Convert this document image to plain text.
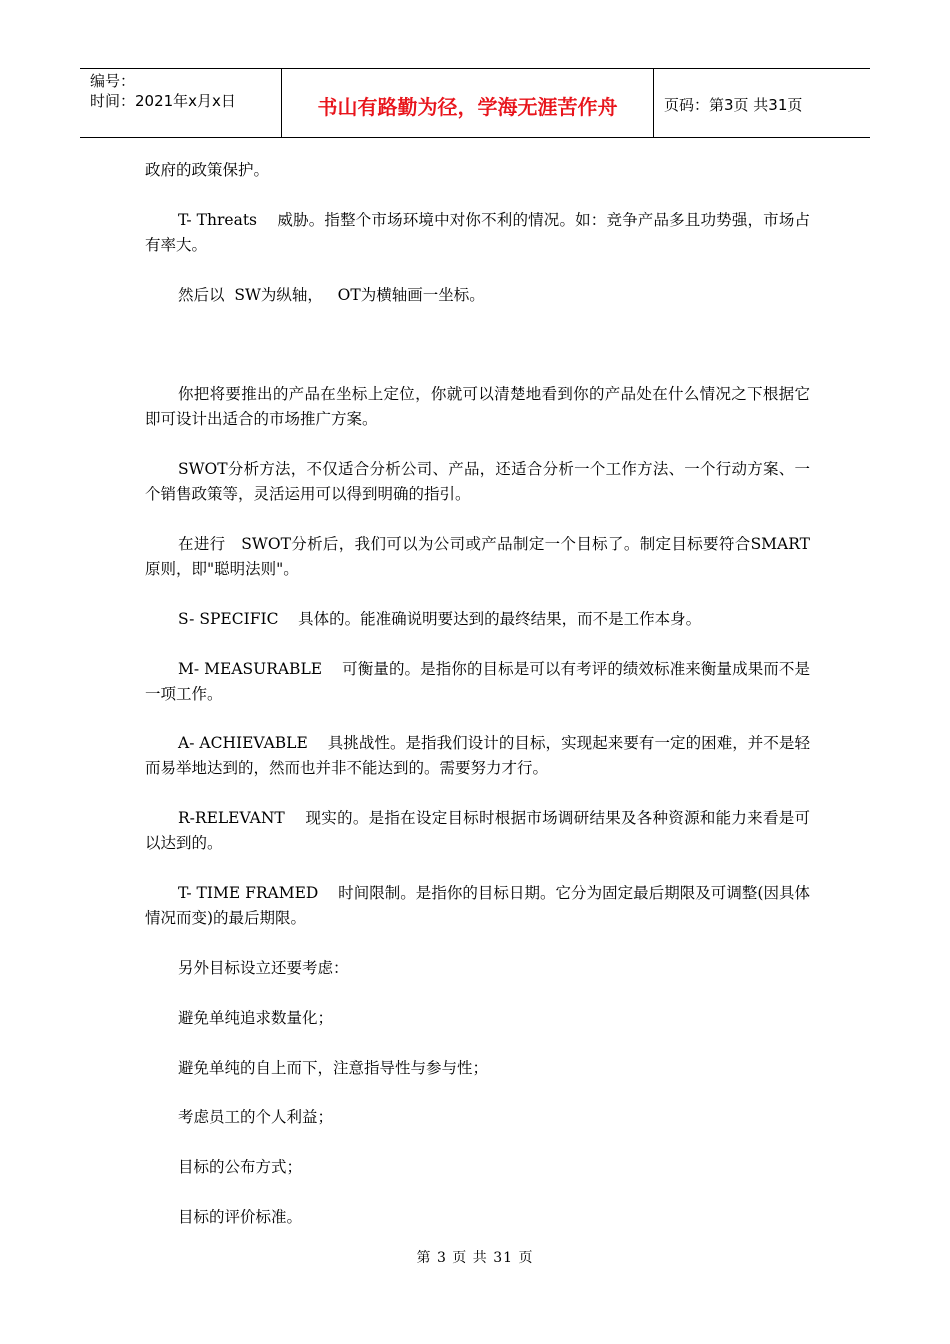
编号：
时间：2021年x月x日	书山有路勤为径，学海无涯苦作舟	页码：第3页 共31页
政府的政策保护。
T- Threats    威胁。指整个市场环境中对你不利的情况。如：竞争产品多且功势强，市场占有率大。
然后以  SW为纵轴，   OT为横轴画一坐标。
你把将要推出的产品在坐标上定位，你就可以清楚地看到你的产品处在什么情况之下根据它即可设计出适合的市场推广方案。
SWOT分析方法，不仅适合分析公司、产品，还适合分析一个工作方法、一个行动方案、一个销售政策等，灵活运用可以得到明确的指引。
在进行   SWOT分析后，我们可以为公司或产品制定一个目标了。制定目标要符合SMART原则，即"聪明法则"。
S- SPECIFIC    具体的。能准确说明要达到的最终结果，而不是工作本身。
M- MEASURABLE    可衡量的。是指你的目标是可以有考评的绩效标准来衡量成果而不是一项工作。
A- ACHIEVABLE    具挑战性。是指我们设计的目标，实现起来要有一定的困难，并不是轻而易举地达到的，然而也并非不能达到的。需要努力才行。
R-RELEVANT    现实的。是指在设定目标时根据市场调研结果及各种资源和能力来看是可以达到的。
T- TIME FRAMED    时间限制。是指你的目标日期。它分为固定最后期限及可调整(因具体情况而变)的最后期限。
另外目标设立还要考虑：
避免单纯追求数量化；
避免单纯的自上而下，注意指导性与参与性；
考虑员工的个人利益；
目标的公布方式；
目标的评价标准。
第 3 页 共 31 页
